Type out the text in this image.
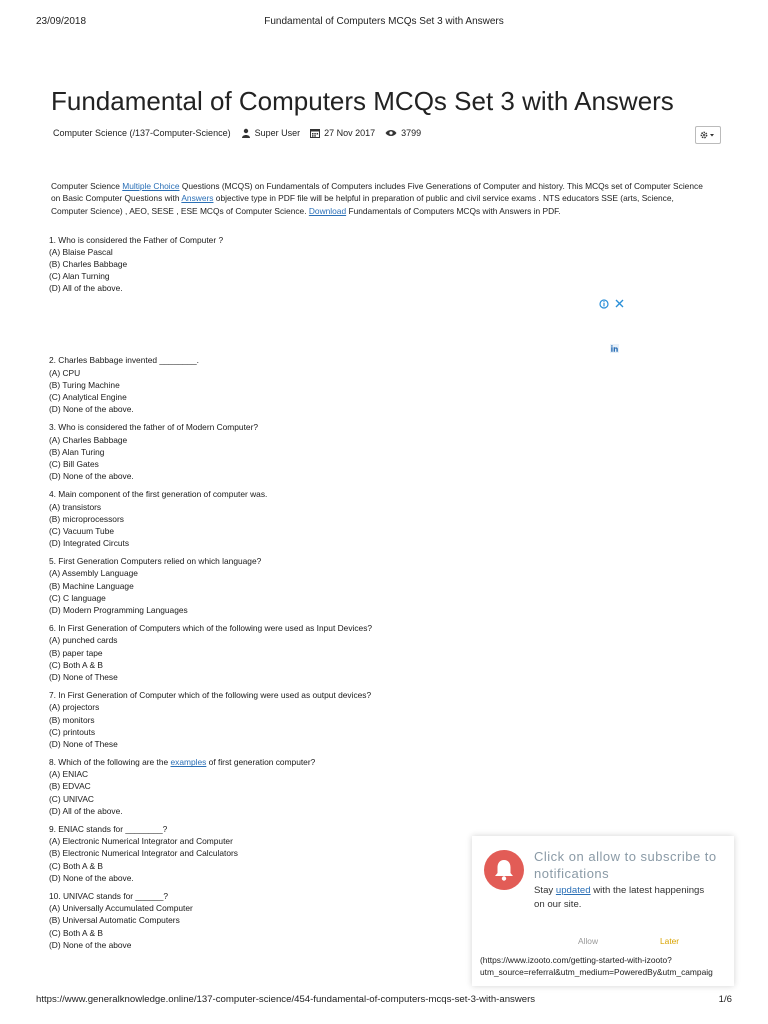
23/09/2018	Fundamental of Computers MCQs Set 3 with Answers
Fundamental of Computers MCQs Set 3 with Answers
Computer Science (/137-Computer-Science)	Super User	27 Nov 2017	3799
Computer Science Multiple Choice Questions (MCQS) on Fundamentals of Computers includes Five Generations of Computer and history. This MCQs set of Computer Science on Basic Computer Questions with Answers objective type in PDF file will be helpful in preparation of public and civil service exams . NTS educators SSE (arts, Science, Computer Science) , AEO, SESE , ESE MCQs of Computer Science. Download Fundamentals of Computers MCQs with Answers in PDF.
1. Who is considered the Father of Computer ?
(A) Blaise Pascal
(B) Charles Babbage
(C) Alan Turning
(D) All of the above.
2. Charles Babbage invented ________.
(A) CPU
(B) Turing Machine
(C) Analytical Engine
(D) None of the above.
3. Who is considered the father of of Modern Computer?
(A) Charles Babbage
(B) Alan Turing
(C) Bill Gates
(D) None of the above.
4. Main component of the first generation of computer was.
(A) transistors
(B) microprocessors
(C) Vacuum Tube
(D) Integrated Circuts
5. First Generation Computers relied on which language?
(A) Assembly Language
(B) Machine Language
(C) C language
(D) Modern Programming Languages
6. In First Generation of Computers which of the following were used as Input Devices?
(A) punched cards
(B) paper tape
(C) Both A & B
(D) None of These
7. In First Generation of Computer which of the following were used as output devices?
(A) projectors
(B) monitors
(C) printouts
(D) None of These
8. Which of the following are the examples of first generation computer?
(A) ENIAC
(B) EDVAC
(C) UNIVAC
(D) All of the above.
9. ENIAC stands for ________?
(A) Electronic Numerical Integrator and Computer
(B) Electronic Numerical Integrator and Calculators
(C) Both A & B
(D) None of the above.
10. UNIVAC stands for ______?
(A) Universally Accumulated Computer
(B) Universal Automatic Computers
(C) Both A & B
(D) None of the above

Click on allow to subscribe to notifications
Stay updated with the latest happenings on our site.
Allow	Later
(https://www.izooto.com/getting-started-with-izooto?
utm_source=referral&utm_medium=PoweredBy&utm_campaig
https://www.generalknowledge.online/137-computer-science/454-fundamental-of-computers-mcqs-set-3-with-answers	1/6
